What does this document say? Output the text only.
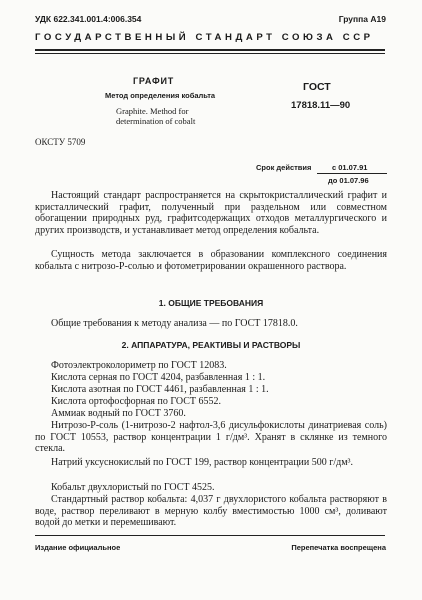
УДК 622.341.001.4:006.354	Группа А19
ГОСУДАРСТВЕННЫЙ СТАНДАРТ СОЮЗА ССР
ГРАФИТ
Метод определения кобальта
Graphite. Method for
determination of cobalt
ГОСТ
17818.11—90
ОКСТУ 5709
Срок действия	с 01.07.91
до 01.07.96

Настоящий стандарт распространяется на скрытокристаллический графит и кристаллический графит, полученный при раздельном или совместном обогащении природных руд, графитсодержащих отходов металлургического и других производств, и устанавливает метод определения кобальта.

Сущность метода заключается в образовании комплексного соединения кобальта с нитрозо-Р-солью и фотометрировании окрашенного раствора.

1. ОБЩИЕ ТРЕБОВАНИЯ
Общие требования к методу анализа — по ГОСТ 17818.0.
2. АППАРАТУРА, РЕАКТИВЫ И РАСТВОРЫ
Фотоэлектроколориметр по ГОСТ 12083.
Кислота серная по ГОСТ 4204, разбавленная 1 : 1.
Кислота азотная по ГОСТ 4461, разбавленная 1 : 1.
Кислота ортофосфорная по ГОСТ 6552.
Аммиак водный по ГОСТ 3760.

Нитрозо-Р-соль (1-нитрозо-2 нафтол-3,6 дисульфокислоты динатриевая соль) по ГОСТ 10553, раствор концентрации 1 г/дм³. Хранят в склянке из темного стекла.

Натрий уксуснокислый по ГОСТ 199, раствор концентрации 500 г/дм³.

Кобальт двухлористый по ГОСТ 4525.

Стандартный раствор кобальта: 4,037 г двухлористого кобальта растворяют в воде, раствор переливают в мерную колбу вместимостью 1000 см³, доливают водой до метки и перемешивают.

Издание официальное	Перепечатка воспрещена
